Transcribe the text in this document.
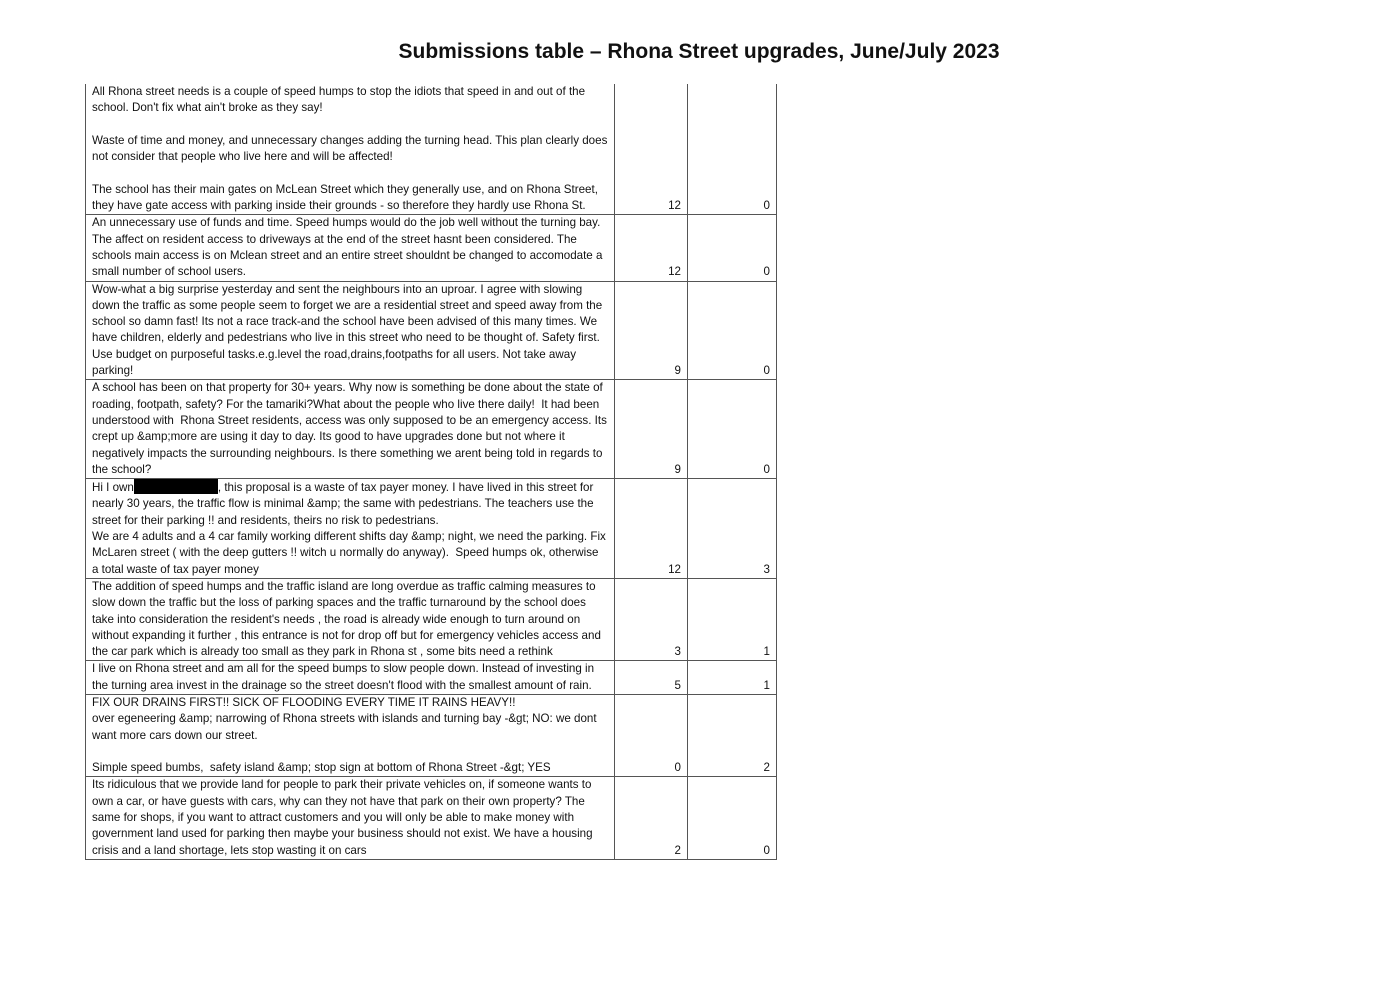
Submissions table – Rhona Street upgrades, June/July 2023
All Rhona street needs is a couple of speed humps to stop the idiots that speed in and out of the school. Don't fix what ain't broke as they say!

Waste of time and money, and unnecessary changes adding the turning head. This plan clearly does not consider that people who live here and will be affected!

The school has their main gates on McLean Street which they generally use, and on Rhona Street, they have gate access with parking inside their grounds - so therefore they hardly use Rhona St.	12	0
An unnecessary use of funds and time. Speed humps would do the job well without the turning bay. The affect on resident access to driveways at the end of the street hasnt been considered. The schools main access is on Mclean street and an entire street shouldnt be changed to accomodate a small number of school users.	12	0
Wow-what a big surprise yesterday and sent the neighbours into an uproar. I agree with slowing down the traffic as some people seem to forget we are a residential street and speed away from the school so damn fast! Its not a race track-and the school have been advised of this many times. We have children, elderly and pedestrians who live in this street who need to be thought of. Safety first. Use budget on purposeful tasks.e.g.level the road,drains,footpaths for all users. Not take away parking!	9	0
A school has been on that property for 30+ years. Why now is something be done about the state of roading, footpath, safety? For the tamariki?What about the people who live there daily!  It had been understood with  Rhona Street residents, access was only supposed to be an emergency access. Its crept up &amp;more are using it day to day. Its good to have upgrades done but not where it negatively impacts the surrounding neighbours. Is there something we arent being told in regards to the school?	9	0
Hi I own , this proposal is a waste of tax payer money. I have lived in this street for nearly 30 years, the traffic flow is minimal &amp; the same with pedestrians. The teachers use the street for their parking !! and residents, theirs no risk to pedestrians.
We are 4 adults and a 4 car family working different shifts day &amp; night, we need the parking. Fix McLaren street ( with the deep gutters !! witch u normally do anyway).  Speed humps ok, otherwise a total waste of tax payer money	12	3
The addition of speed humps and the traffic island are long overdue as traffic calming measures to slow down the traffic but the loss of parking spaces and the traffic turnaround by the school does take into consideration the resident's needs , the road is already wide enough to turn around on without expanding it further , this entrance is not for drop off but for emergency vehicles access and the car park which is already too small as they park in Rhona st , some bits need a rethink	3	1
I live on Rhona street and am all for the speed bumps to slow people down. Instead of investing in the turning area invest in the drainage so the street doesn't flood with the smallest amount of rain.	5	1
FIX OUR DRAINS FIRST!! SICK OF FLOODING EVERY TIME IT RAINS HEAVY!!
over egeneering &amp; narrowing of Rhona streets with islands and turning bay -&gt; NO: we dont want more cars down our street.

Simple speed bumbs,  safety island &amp; stop sign at bottom of Rhona Street -&gt; YES	0	2
Its ridiculous that we provide land for people to park their private vehicles on, if someone wants to own a car, or have guests with cars, why can they not have that park on their own property? The same for shops, if you want to attract customers and you will only be able to make money with government land used for parking then maybe your business should not exist. We have a housing crisis and a land shortage, lets stop wasting it on cars	2	0
